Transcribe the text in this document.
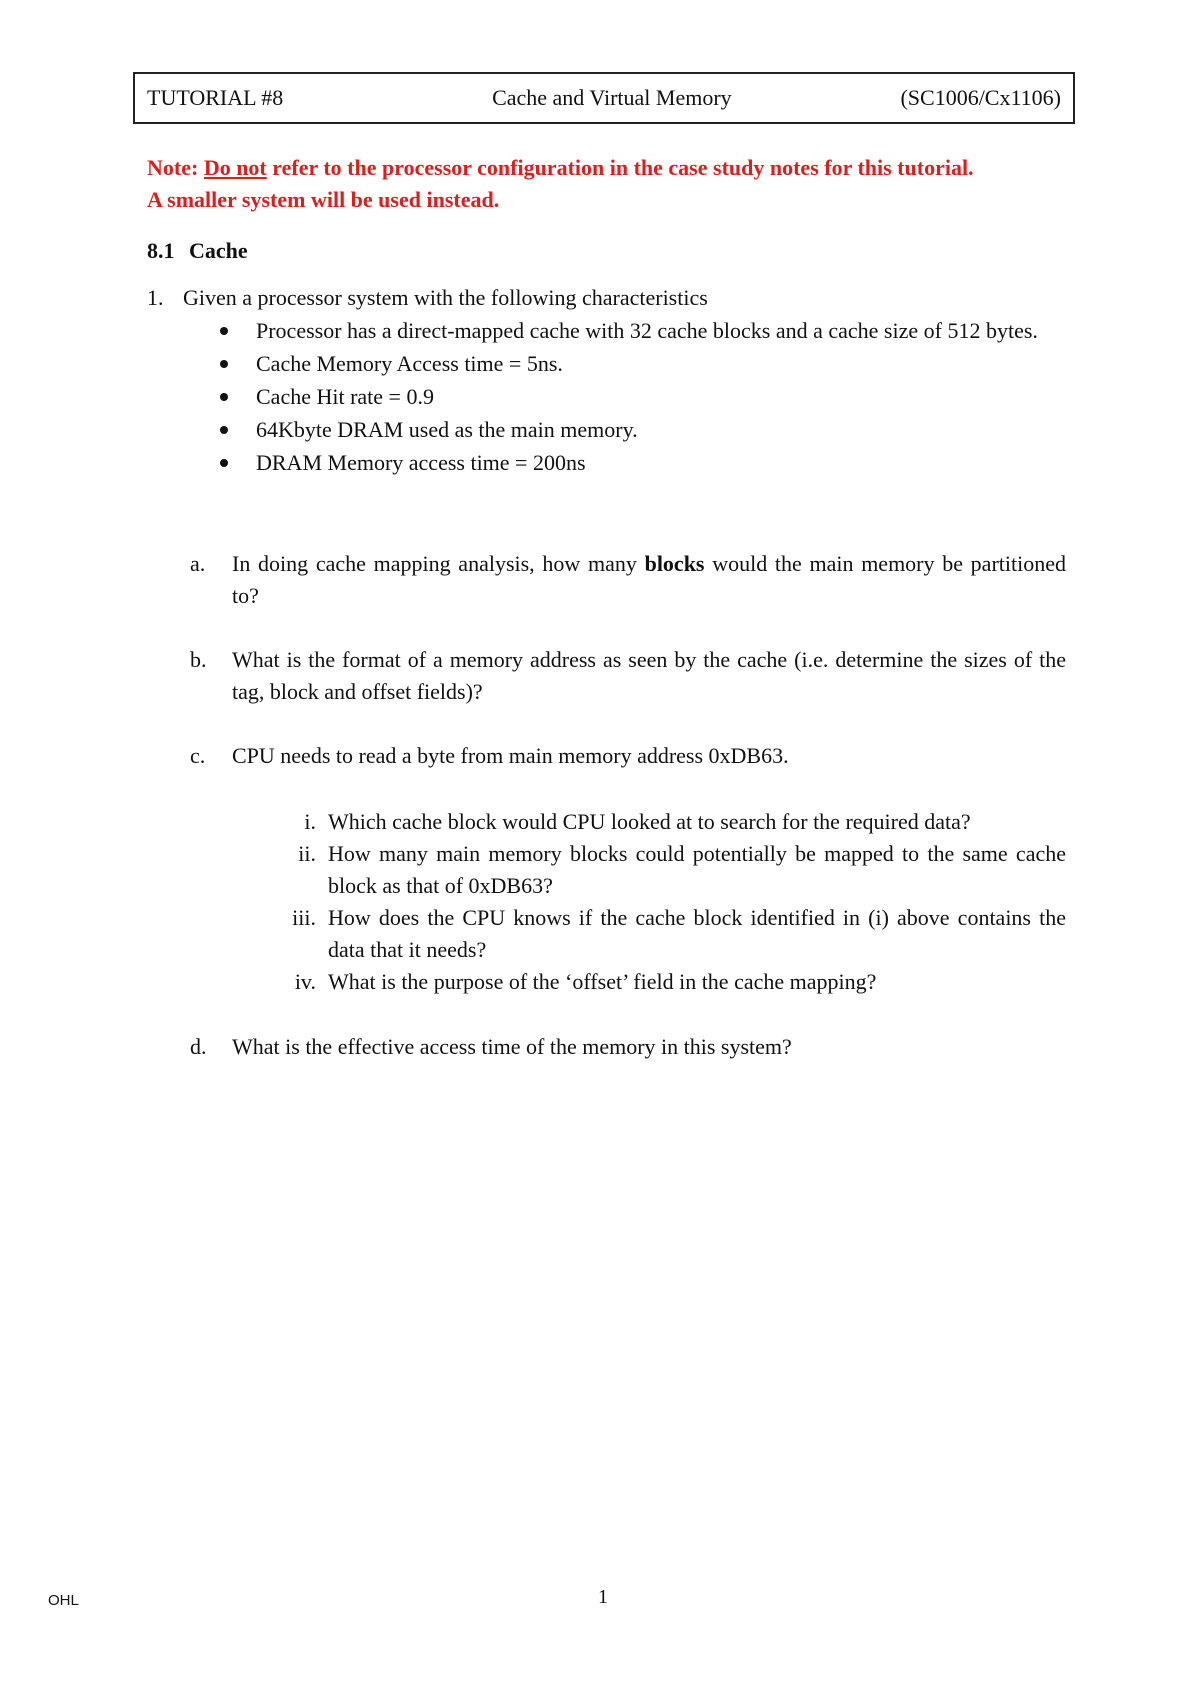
TUTORIAL #8	Cache and Virtual Memory	(SC1006/Cx1106)
Note: Do not refer to the processor configuration in the case study notes for this tutorial.
A smaller system will be used instead.
8.1 Cache
1. Given a processor system with the following characteristics
Processor has a direct-mapped cache with 32 cache blocks and a cache size of 512 bytes.
Cache Memory Access time = 5ns.
Cache Hit rate = 0.9
64Kbyte DRAM used as the main memory.
DRAM Memory access time = 200ns
a.	In doing cache mapping analysis, how many blocks would the main memory be partitioned to?
b.	What is the format of a memory address as seen by the cache (i.e. determine the sizes of the tag, block and offset fields)?
c.	CPU needs to read a byte from main memory address 0xDB63.
i. Which cache block would CPU looked at to search for the required data?
ii. How many main memory blocks could potentially be mapped to the same cache block as that of 0xDB63?
iii. How does the CPU knows if the cache block identified in (i) above contains the data that it needs?
iv. What is the purpose of the ‘offset’ field in the cache mapping?
d.	What is the effective access time of the memory in this system?
OHL	1
